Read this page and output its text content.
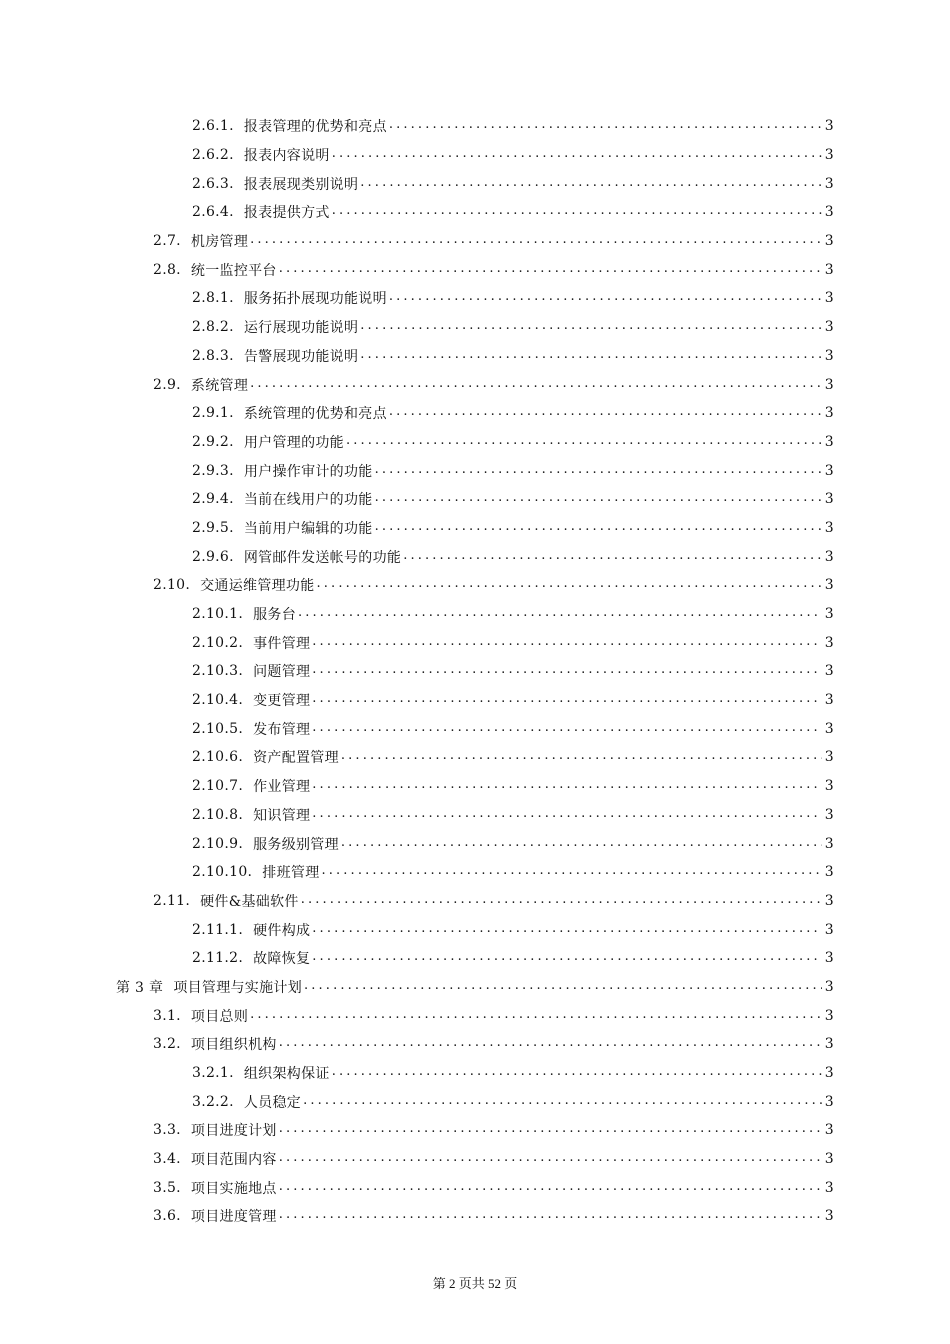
2.6.1. 报表管理的优势和亮点 . . .	3
2.6.2. 报表内容说明 . . .	3
2.6.3. 报表展现类别说明 . . .	3
2.6.4. 报表提供方式 . . .	3
2.7. 机房管理 . . .	3
2.8. 统一监控平台 . . .	3
2.8.1. 服务拓扑展现功能说明 . . .	3
2.8.2. 运行展现功能说明 . . .	3
2.8.3. 告警展现功能说明 . . .	3
2.9. 系统管理 . . .	3
2.9.1. 系统管理的优势和亮点 . . .	3
2.9.2. 用户管理的功能 . . .	3
2.9.3. 用户操作审计的功能 . . .	3
2.9.4. 当前在线用户的功能 . . .	3
2.9.5. 当前用户编辑的功能 . . .	3
2.9.6. 网管邮件发送帐号的功能 . . .	3
2.10. 交通运维管理功能 . . .	3
2.10.1. 服务台 . . .	3
2.10.2. 事件管理 . . .	3
2.10.3. 问题管理 . . .	3
2.10.4. 变更管理 . . .	3
2.10.5. 发布管理 . . .	3
2.10.6. 资产配置管理 . . .	3
2.10.7. 作业管理 . . .	3
2.10.8. 知识管理 . . .	3
2.10.9. 服务级别管理 . . .	3
2.10.10. 排班管理 . . .	3
2.11. 硬件&基础软件 . . .	3
2.11.1. 硬件构成 . . .	3
2.11.2. 故障恢复 . . .	3
第 3 章 项目管理与实施计划 . . .	3
3.1. 项目总则 . . .	3
3.2. 项目组织机构 . . .	3
3.2.1. 组织架构保证 . . .	3
3.2.2. 人员稳定 . . .	3
3.3. 项目进度计划 . . .	3
3.4. 项目范围内容 . . .	3
3.5. 项目实施地点 . . .	3
3.6. 项目进度管理 . . .	3
第 2 页共 52 页
